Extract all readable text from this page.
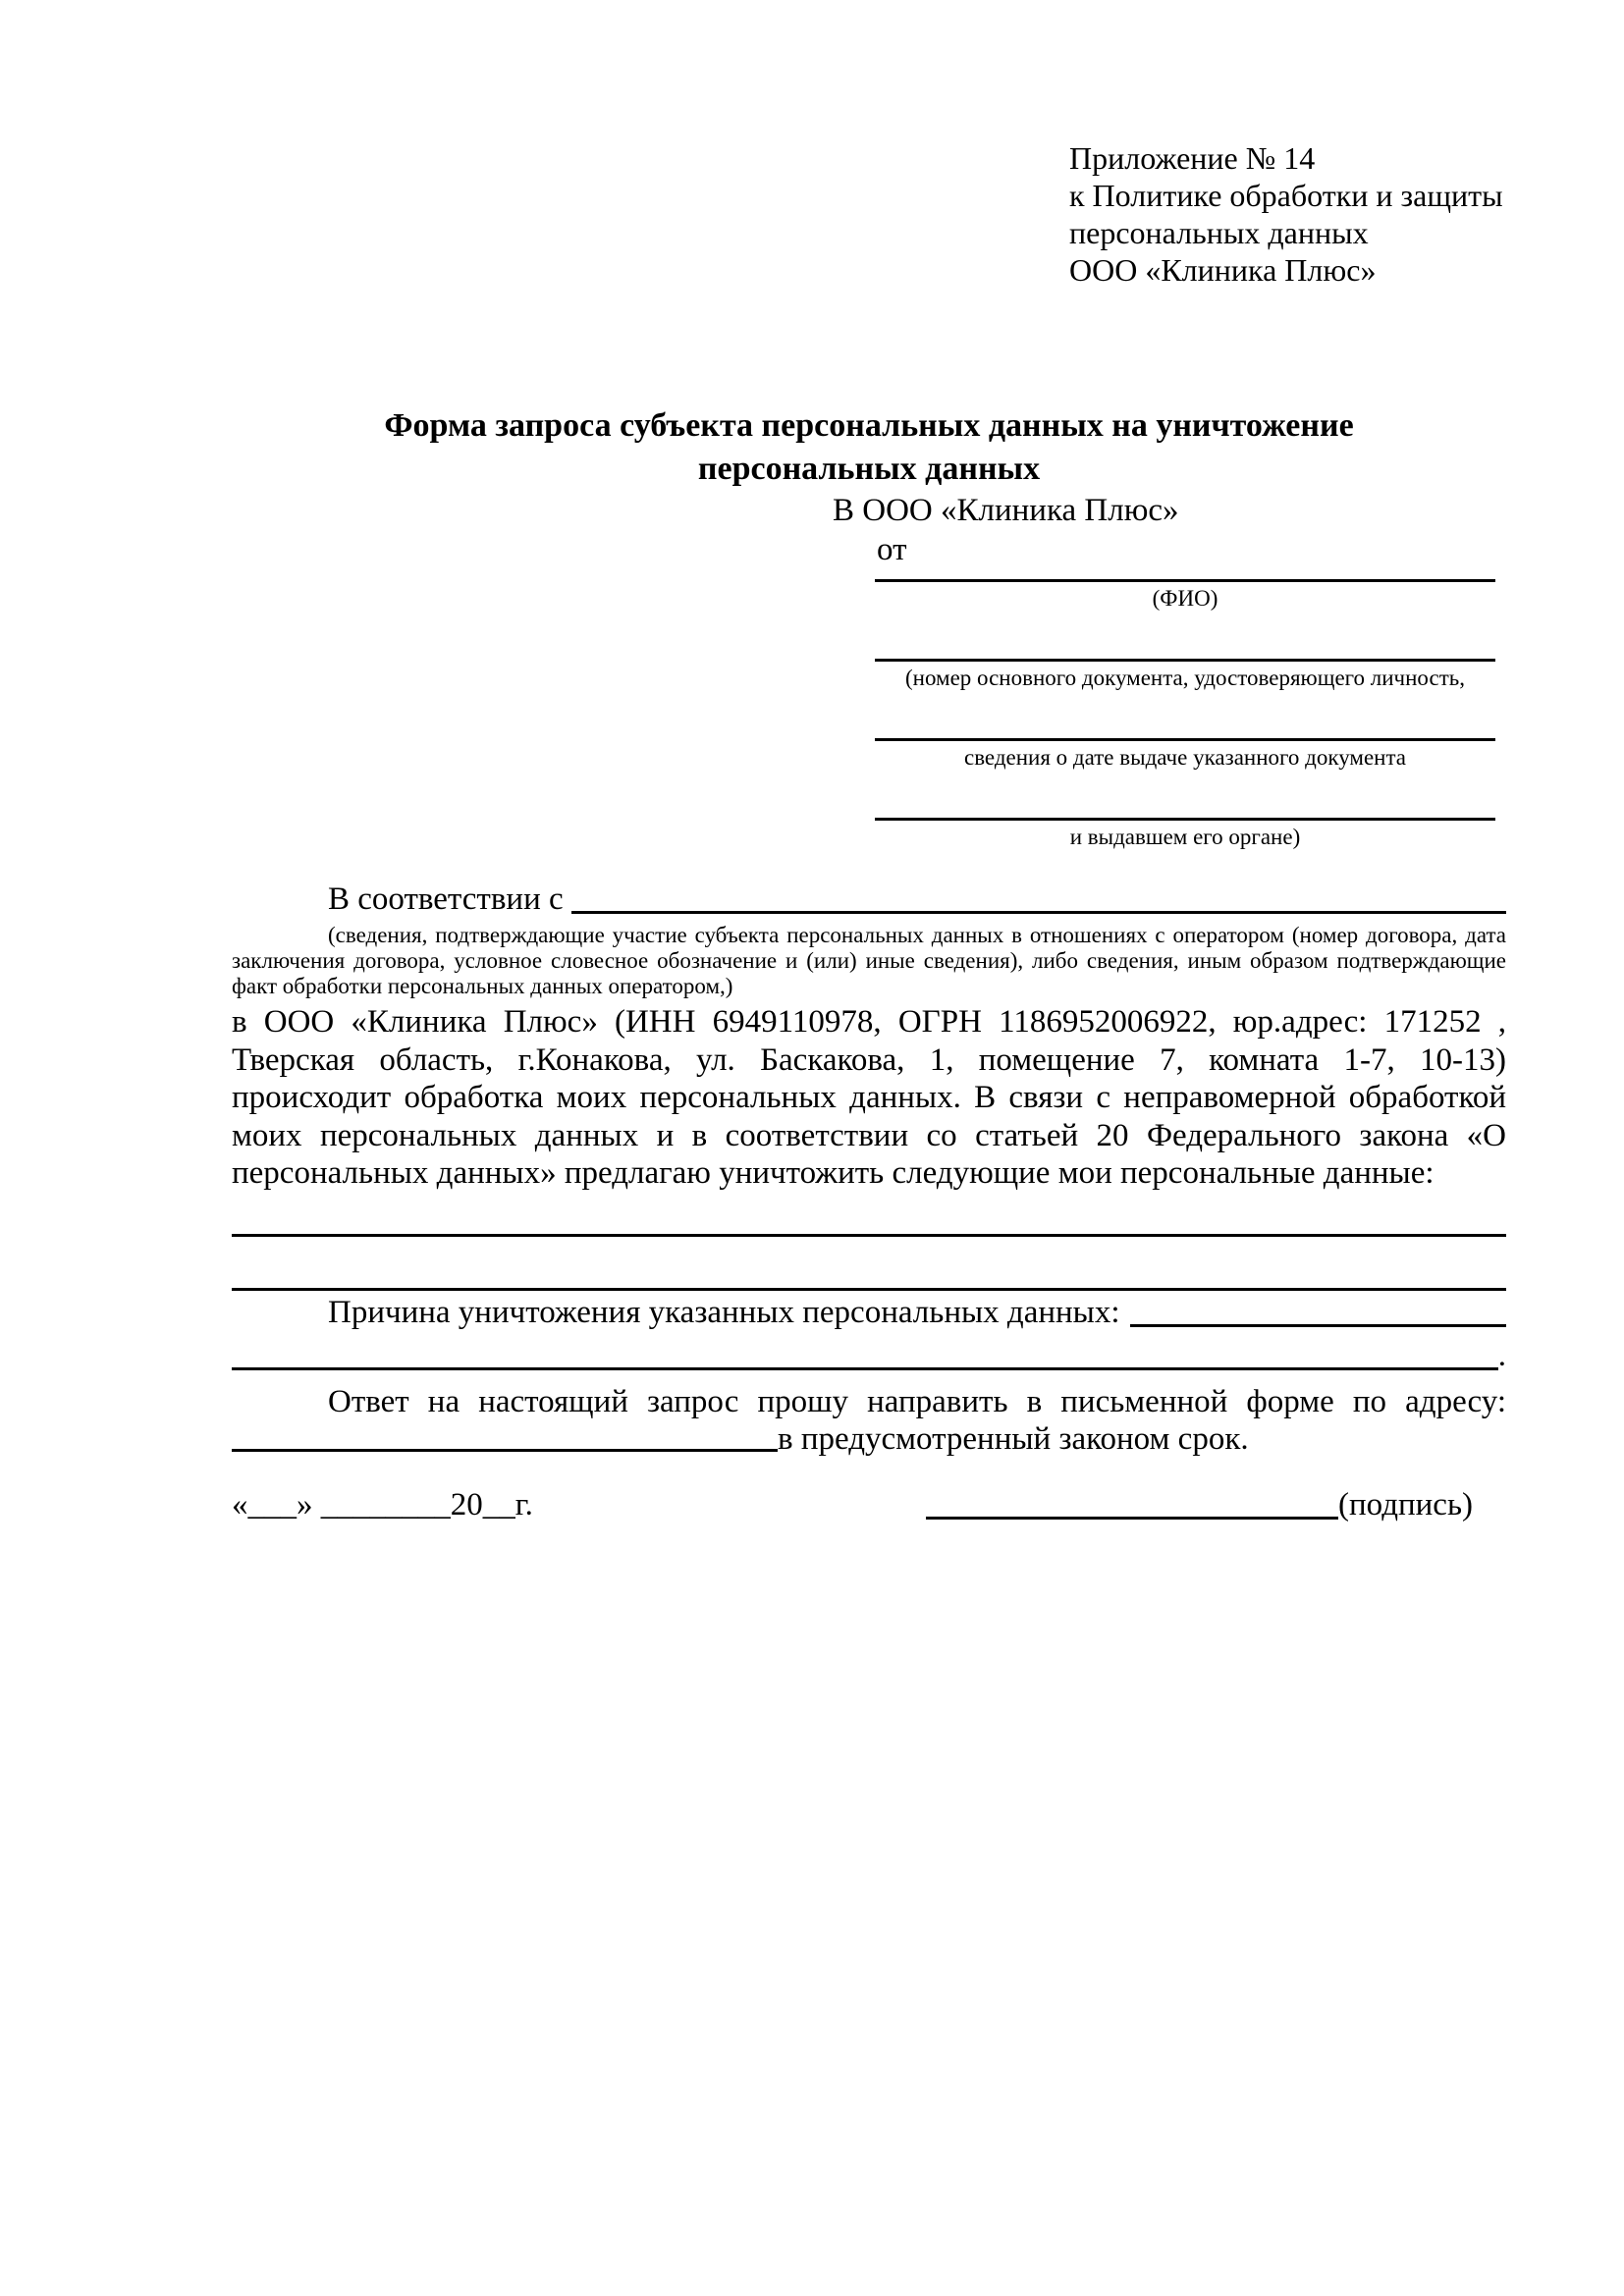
Приложение № 14
к Политике обработки и защиты
персональных данных
ООО «Клиника Плюс»
Форма запроса субъекта персональных данных на уничтожение персональных данных
В ООО «Клиника Плюс»
от
(ФИО)
(номер основного документа, удостоверяющего личность,
сведения о дате выдаче указанного документа
и выдавшем его органе)
В соответствии с
(сведения, подтверждающие участие субъекта персональных данных в отношениях с оператором (номер договора, дата заключения договора, условное словесное обозначение и (или) иные сведения), либо сведения, иным образом подтверждающие факт обработки персональных данных оператором,)
в ООО «Клиника Плюс» (ИНН 6949110978, ОГРН 1186952006922, юр.адрес: 171252 , Тверская область, г.Конакова, ул. Баскакова, 1, помещение 7, комната 1-7, 10-13) происходит обработка моих персональных данных. В связи с неправомерной обработкой моих персональных данных и в соответствии со статьей 20 Федерального закона «О персональных данных» предлагаю уничтожить следующие мои персональные данные:
Причина уничтожения указанных персональных данных:
.
Ответ на настоящий запрос прошу направить в письменной форме по адресу:
в предусмотренный законом срок.
«___» ________20__г.	(подпись)
